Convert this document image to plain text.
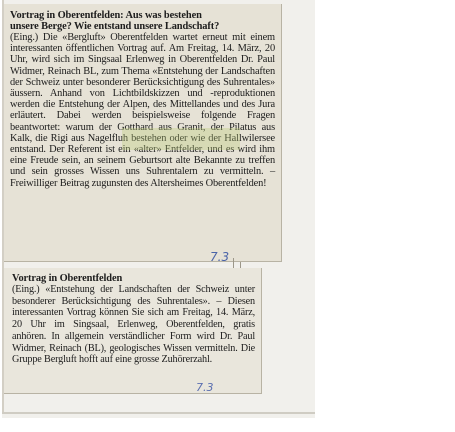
Vortrag in Oberentfelden: Aus was bestehen
unsere Berge? Wie entstand unsere Landschaft?

(Eing.) Die «Bergluft» Oberentfelden wartet erneut mit einem interessanten öffentlichen Vortrag auf. Am Freitag, 14. März, 20 Uhr, wird sich im Singsaal Erlenweg in Oberentfelden Dr. Paul Widmer, Reinach BL, zum Thema «Entstehung der Landschaften der Schweiz unter besonderer Berücksichtigung des Suhrentales» äussern. Anhand von Lichtbildskizzen und -reproduktionen werden die Entstehung der Alpen, des Mittellandes und des Jura erläutert. Dabei werden beispielsweise folgende Fragen beantwortet: warum der Gotthard aus Granit, der Pilatus aus Kalk, die Rigi aus Nagelfluh bestehen oder wie der Hallwilersee entstand. Der Referent ist ein «alter» Entfelder, und es wird ihm eine Freude sein, an seinem Geburtsort alte Bekannte zu treffen und sein grosses Wissen uns Suhrentalern zu vermitteln. – Freiwilliger Beitrag zugunsten des Altersheimes Oberentfelden!

7.3

Vortrag in Oberentfelden

(Eing.) «Entstehung der Landschaften der Schweiz unter besonderer Berücksichtigung des Suhrentales». – Diesen interessanten Vortrag können Sie sich am Freitag, 14. März, 20 Uhr im Singsaal, Erlenweg, Oberentfelden, gratis anhören. In allgemein verständlicher Form wird Dr. Paul Widmer, Reinach (BL), geologisches Wissen vermitteln. Die Gruppe Bergluft hofft auf eine grosse Zuhörerzahl.

7.3
